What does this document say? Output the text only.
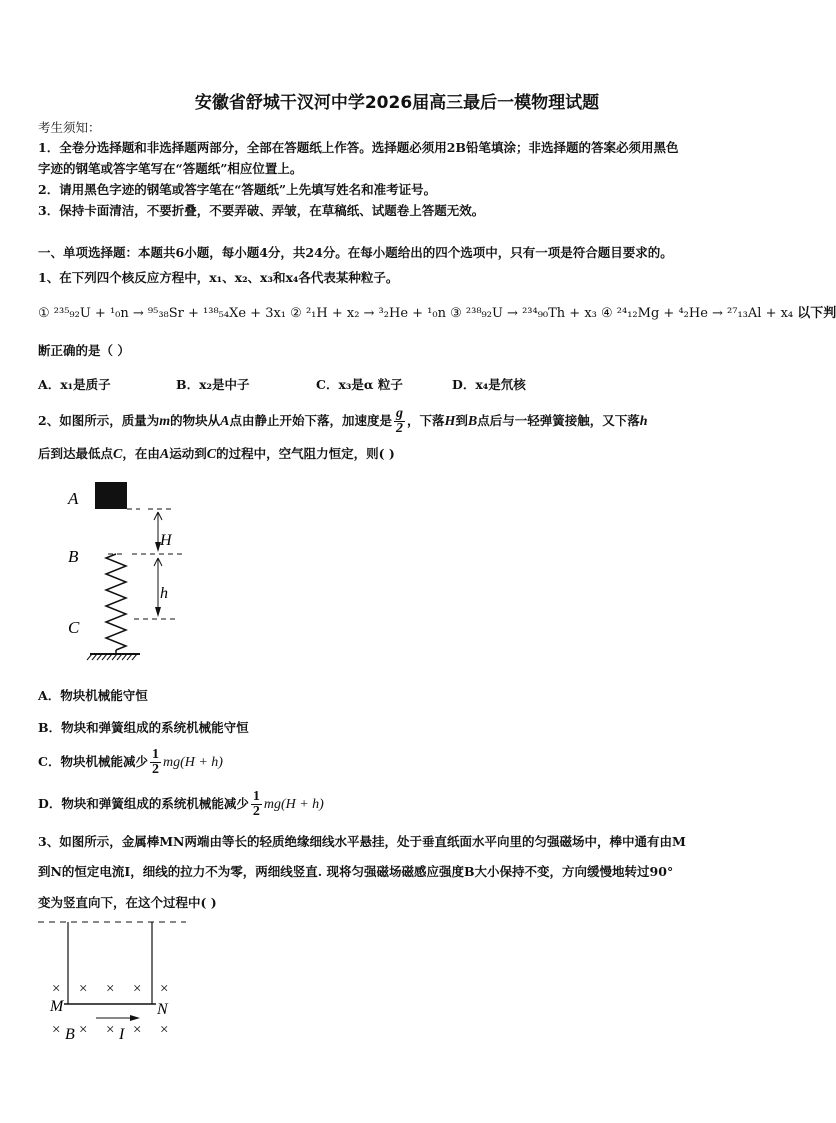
安徽省舒城干汊河中学2026届高三最后一模物理试题
考生须知：
1．全卷分选择题和非选择题两部分，全部在答题纸上作答。选择题必须用2B铅笔填涂；非选择题的答案必须用黑色
字迹的钢笔或答字笔写在“答题纸”相应位置上。
2．请用黑色字迹的钢笔或答字笔在“答题纸”上先填写姓名和准考证号。
3．保持卡面清洁，不要折叠，不要弄破、弄皱，在草稿纸、试题卷上答题无效。
一、单项选择题：本题共6小题，每小题4分，共24分。在每小题给出的四个选项中，只有一项是符合题目要求的。
1、在下列四个核反应方程中，x₁、x₂、x₃和x₄各代表某种粒子。
① ²³⁵₉₂U + ¹₀n → ⁹⁵₃₈Sr + ¹³⁸₅₄Xe + 3x₁ ② ²₁H + x₂ → ³₂He + ¹₀n ③ ²³⁸₉₂U → ²³⁴₉₀Th + x₃ ④ ²⁴₁₂Mg + ⁴₂He → ²⁷₁₃Al + x₄ 以下判
断正确的是（ ）
A．x₁是质子	B．x₂是中子	C．x₃是α 粒子	D．x₄是氘核
2、如图所示，质量为m的物块从A点由静止开始下落，加速度是 $\frac{g}{2}$ ，下落H到B点后与一轻弹簧接触，又下落h
后到达最低点C，在由A运动到C的过程中，空气阻力恒定，则( )
A
B
C
H
h
A．物块机械能守恒
B．物块和弹簧组成的系统机械能守恒
C．物块机械能减少 $\frac{1}{2} mg(H + h)$
D．物块和弹簧组成的系统机械能减少 $\frac{1}{2} mg(H + h)$
3、如图所示，金属棒MN两端由等长的轻质绝缘细线水平悬挂，处于垂直纸面水平向里的匀强磁场中，棒中通有由M
到N的恒定电流I，细线的拉力不为零，两细线竖直. 现将匀强磁场磁感应强度B大小保持不变，方向缓慢地转过90°
变为竖直向下，在这个过程中( )
× × × × ×
× × × × ×
M	N
B	I
